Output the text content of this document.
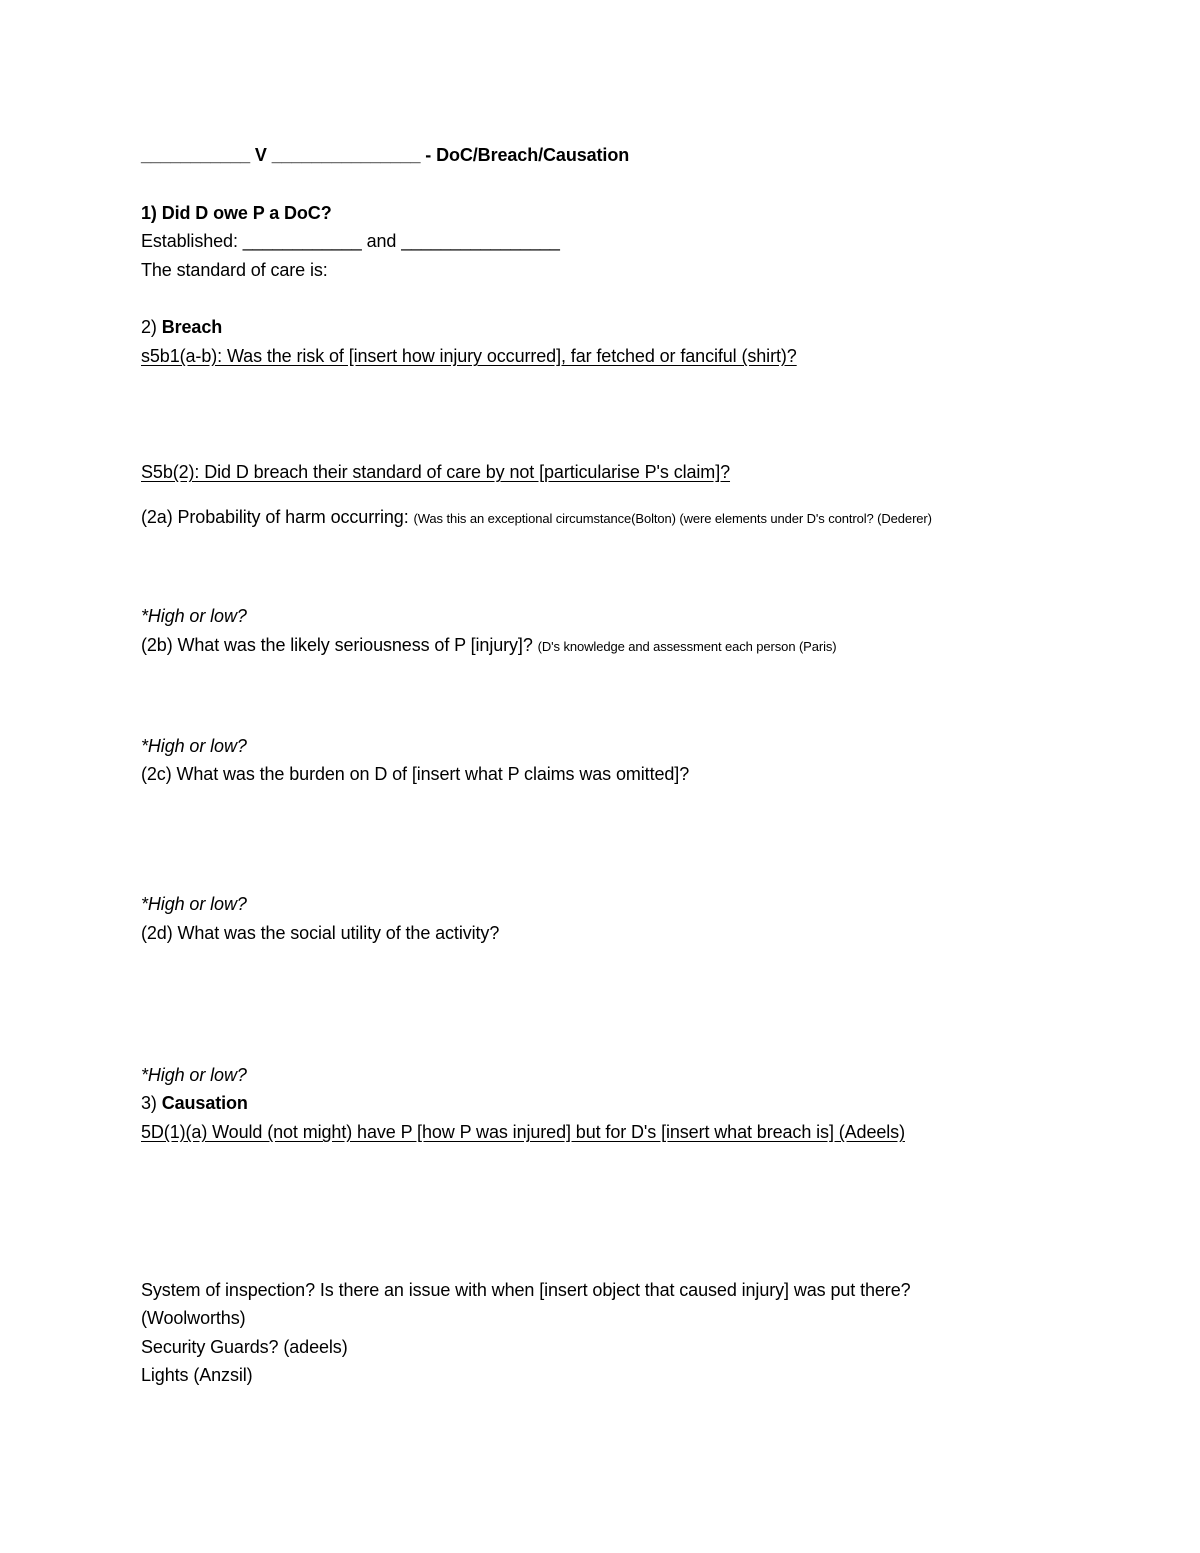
___________ V _______________ - DoC/Breach/Causation
1) Did D owe P a DoC?
Established: ____________ and ________________
The standard of care is:
2) Breach
s5b1(a-b): Was the risk of [insert how injury occurred], far fetched or fanciful (shirt)?
S5b(2): Did D breach their standard of care by not [particularise P's claim]?
(2a) Probability of harm occurring: (Was this an exceptional circumstance(Bolton) (were elements under D's control? (Dederer)
*High or low?
(2b) What was the likely seriousness of P [injury]? (D's knowledge and assessment each person (Paris)
*High or low?
(2c) What was the burden on D of [insert what P claims was omitted]?
*High or low?
(2d) What was the social utility of the activity?
*High or low?
3) Causation
5D(1)(a) Would (not might) have P [how P was injured] but for D's [insert what breach is] (Adeels)
System of inspection? Is there an issue with when [insert object that caused injury] was put there?
(Woolworths)
Security Guards? (adeels)
Lights (Anzsil)
